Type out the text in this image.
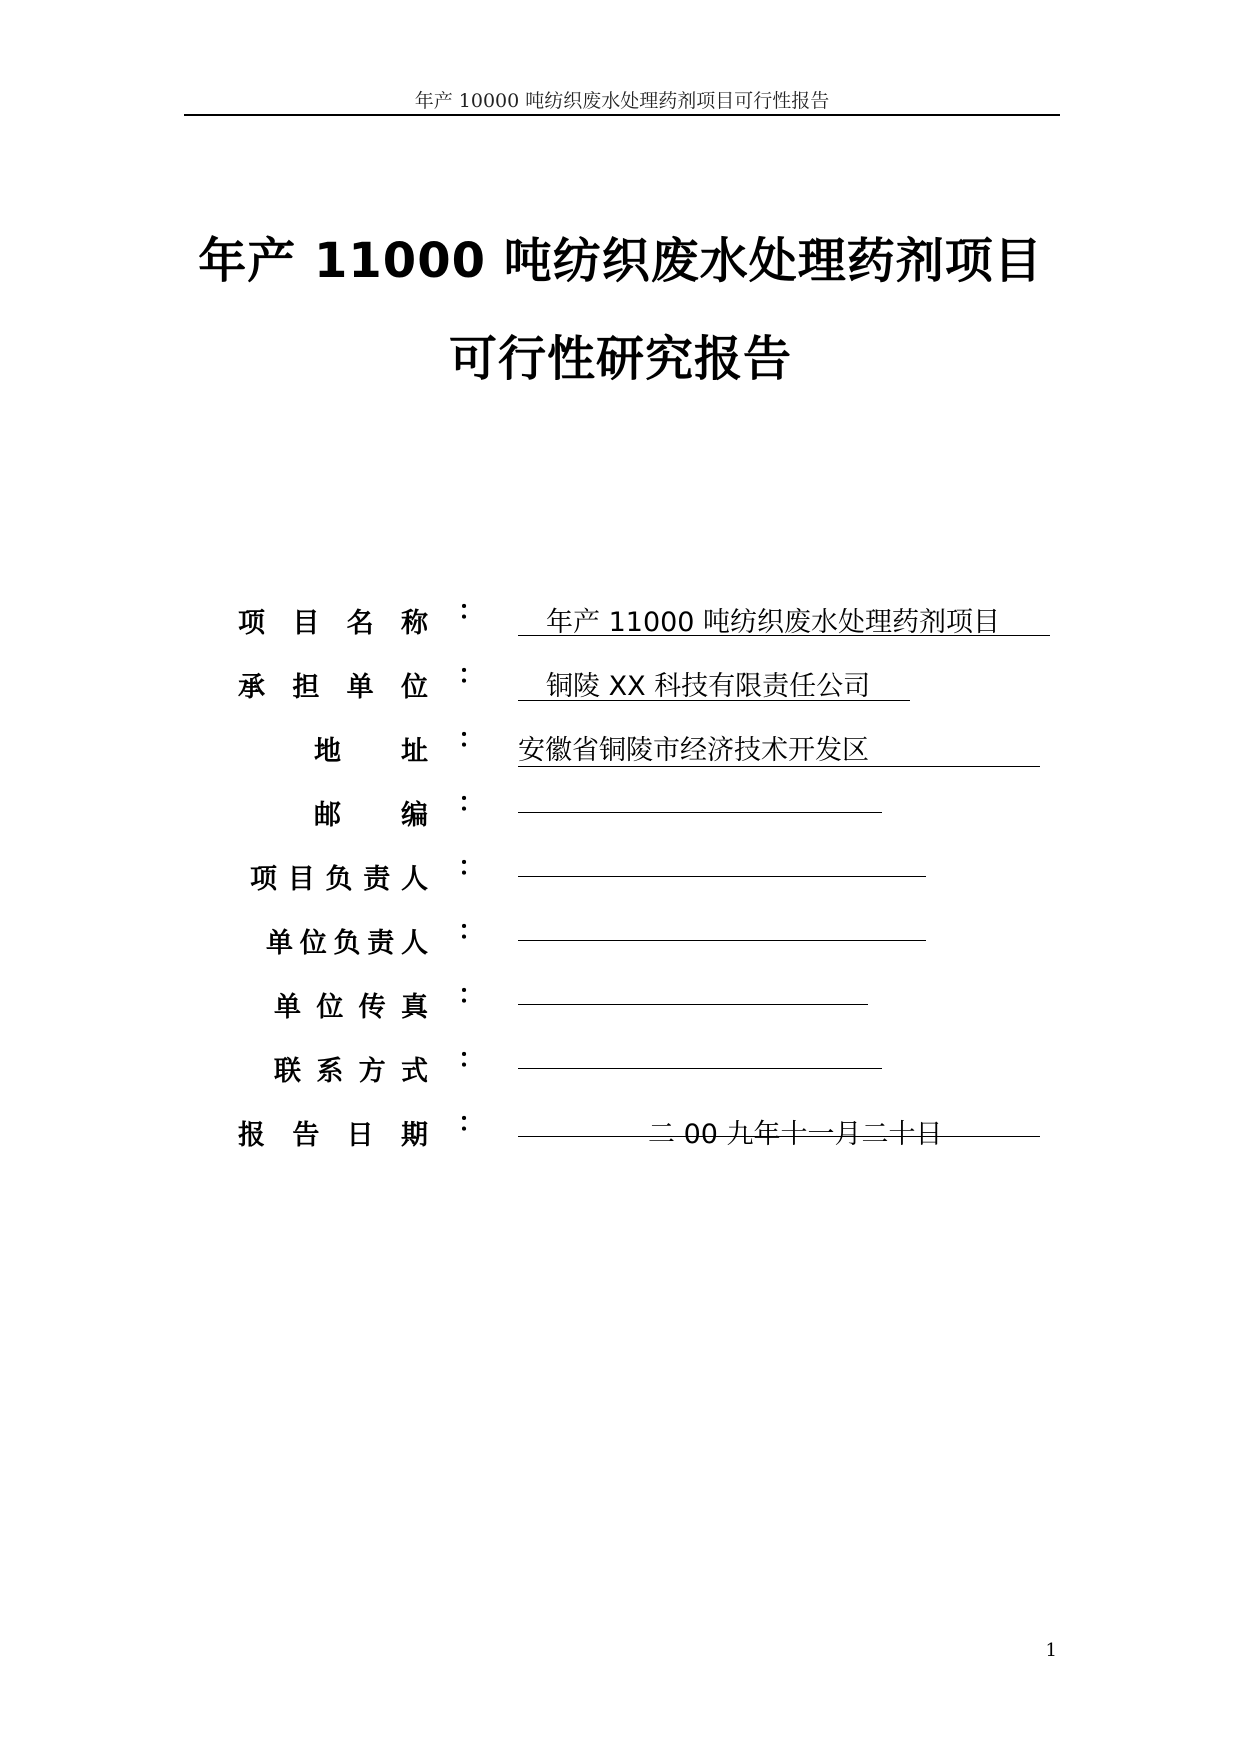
年产 10000 吨纺织废水处理药剂项目可行性报告
年产 11000 吨纺织废水处理药剂项目
可行性研究报告
项 目 名 称 ： 年产 11000 吨纺织废水处理药剂项目
承 担 单 位 ： 铜陵 XX 科技有限责任公司
地 址 ： 安徽省铜陵市经济技术开发区
邮 编 ：
项 目 负 责 人 ：
单 位 负 责 人 ：
单 位 传 真 ：
联 系 方 式 ：
报 告 日 期 ：	二 00 九年十一月二十日
1
